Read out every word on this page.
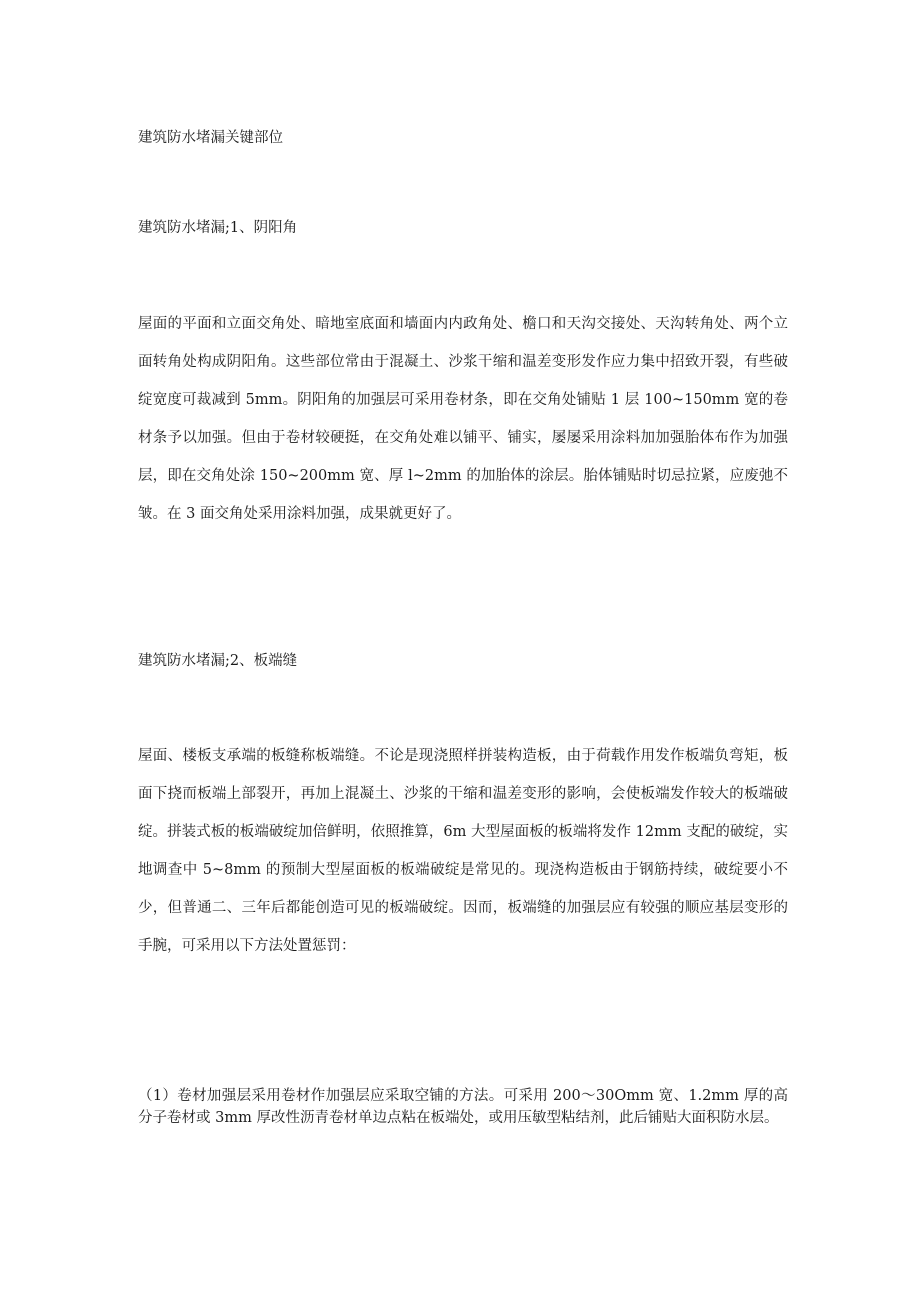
建筑防水堵漏关键部位

建筑防水堵漏;1、阴阳角

屋面的平面和立面交角处、暗地室底面和墙面内内政角处、檐口和天沟交接处、天沟转角处、两个立面转角处构成阴阳角。这些部位常由于混凝土、沙浆干缩和温差变形发作应力集中招致开裂，有些破绽宽度可裁减到 5mm。阴阳角的加强层可采用卷材条，即在交角处铺贴 1 层 100~150mm 宽的卷材条予以加强。但由于卷材较硬挺，在交角处难以铺平、铺实，屡屡采用涂料加加强胎体布作为加强层，即在交角处涂 150~200mm 宽、厚 l~2mm 的加胎体的涂层。胎体铺贴时切忌拉紧，应废弛不皱。在 3 面交角处采用涂料加强，成果就更好了。

建筑防水堵漏;2、板端缝

屋面、楼板支承端的板缝称板端缝。不论是现浇照样拼装构造板，由于荷载作用发作板端负弯矩，板面下挠而板端上部裂开，再加上混凝土、沙浆的干缩和温差变形的影响，会使板端发作较大的板端破绽。拼装式板的板端破绽加倍鲜明，依照推算，6m 大型屋面板的板端将发作 12mm 支配的破绽，实地调查中 5~8mm 的预制大型屋面板的板端破绽是常见的。现浇构造板由于钢筋持续，破绽要小不少，但普通二、三年后都能创造可见的板端破绽。因而，板端缝的加强层应有较强的顺应基层变形的手腕，可采用以下方法处置惩罚：

（1）卷材加强层采用卷材作加强层应采取空铺的方法。可采用 200～30Omm 宽、1.2mm 厚的高分子卷材或 3mm 厚改性沥青卷材单边点粘在板端处，或用压敏型粘结剂，此后铺贴大面积防水层。
